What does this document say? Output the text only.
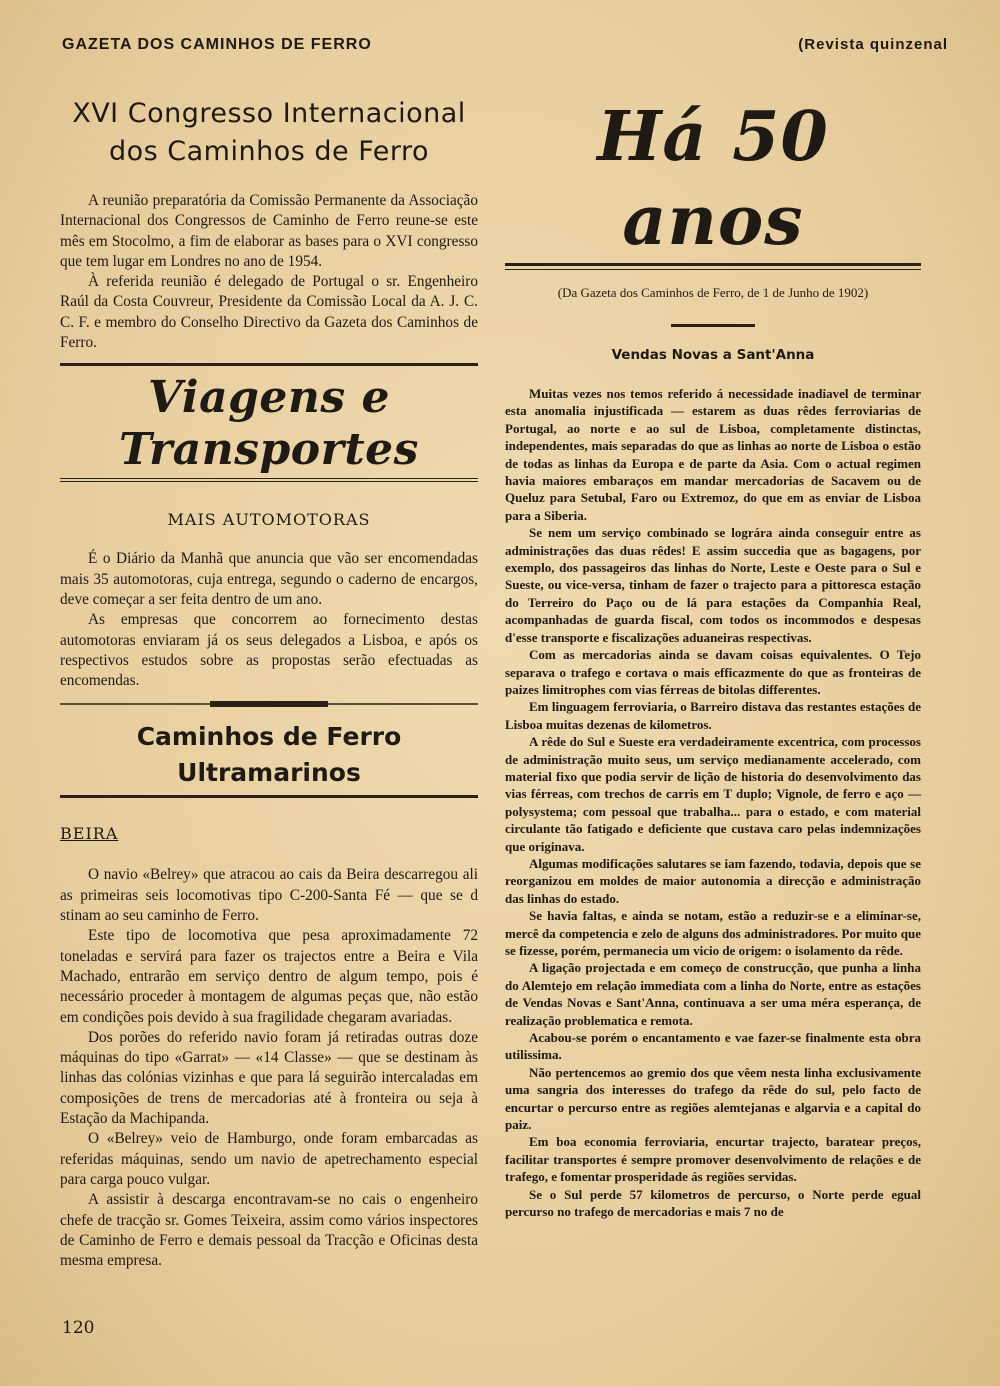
GAZETA DOS CAMINHOS DE FERRO	(Revista quinzenal
XVI Congresso Internacional
dos Caminhos de Ferro

A reunião preparatória da Comissão Permanente da Associação Internacional dos Congressos de Caminho de Ferro reune-se este mês em Stocolmo, a fim de elaborar as bases para o XVI congresso que tem lugar em Londres no ano de 1954.

À referida reunião é delegado de Portugal o sr. Engenheiro Raúl da Costa Couvreur, Presidente da Comissão Local da A. J. C. C. F. e membro do Conselho Directivo da Gazeta dos Caminhos de Ferro.

Viagens e Transportes

MAIS AUTOMOTORAS

É o Diário da Manhã que anuncia que vão ser encomendadas mais 35 automotoras, cuja entrega, segundo o caderno de encargos, deve começar a ser feita dentro de um ano.

As empresas que concorrem ao fornecimento destas automotoras enviaram já os seus delegados a Lisboa, e após os respectivos estudos sobre as propostas serão efectuadas as encomendas.

Caminhos de Ferro Ultramarinos

BEIRA

O navio «Belrey» que atracou ao cais da Beira descarregou ali as primeiras seis locomotivas tipo C-200-Santa Fé — que se d stinam ao seu caminho de Ferro.

Este tipo de locomotiva que pesa aproximadamente 72 toneladas e servirá para fazer os trajectos entre a Beira e Vila Machado, entrarão em serviço dentro de algum tempo, pois é necessário proceder à montagem de algumas peças que, não estão em condições pois devido à sua fragilidade chegaram avariadas.

Dos porões do referido navio foram já retiradas outras doze máquinas do tipo «Garrat» — «14 Classe» — que se destinam às linhas das colónias vizinhas e que para lá seguirão intercaladas em composições de trens de mercadorias até à fronteira ou seja à Estação da Machipanda.

O «Belrey» veio de Hamburgo, onde foram embarcadas as referidas máquinas, sendo um navio de apetrechamento especial para carga pouco vulgar.

A assistir à descarga encontravam-se no cais o engenheiro chefe de tracção sr. Gomes Teixeira, assim como vários inspectores de Caminho de Ferro e demais pessoal da Tracção e Oficinas desta mesma empresa.

Há 50 anos

(Da Gazeta dos Caminhos de Ferro, de 1 de Junho de 1902)

Vendas Novas a Sant'Anna

Muitas vezes nos temos referido á necessidade inadiavel de terminar esta anomalia injustificada — estarem as duas rêdes ferroviarias de Portugal, ao norte e ao sul de Lisboa, completamente distinctas, independentes, mais separadas do que as linhas ao norte de Lisboa o estão de todas as linhas da Europa e de parte da Asia. Com o actual regimen havia maiores embaraços em mandar mercadorias de Sacavem ou de Queluz para Setubal, Faro ou Extremoz, do que em as enviar de Lisboa para a Siberia.

Se nem um serviço combinado se lográra ainda conseguir entre as administrações das duas rêdes! E assim succedia que as bagagens, por exemplo, dos passageiros das linhas do Norte, Leste e Oeste para o Sul e Sueste, ou vice-versa, tinham de fazer o trajecto para a pittoresca estação do Terreiro do Paço ou de lá para estações da Companhia Real, acompanhadas de guarda fiscal, com todos os incommodos e despesas d'esse transporte e fiscalizações aduaneiras respectivas.

Com as mercadorias ainda se davam coisas equivalentes. O Tejo separava o trafego e cortava o mais efficazmente do que as fronteiras de paizes limitrophes com vias férreas de bitolas differentes.

Em linguagem ferroviaria, o Barreiro distava das restantes estações de Lisboa muitas dezenas de kilometros.

A rêde do Sul e Sueste era verdadeiramente excentrica, com processos de administração muito seus, um serviço medianamente accelerado, com material fixo que podia servir de lição de historia do desenvolvimento das vias férreas, com trechos de carris em T duplo; Vignole, de ferro e aço — polysystema; com pessoal que trabalha... para o estado, e com material circulante tão fatigado e deficiente que custava caro pelas indemnizações que originava.

Algumas modificações salutares se iam fazendo, todavia, depois que se reorganizou em moldes de maior autonomia a direcção e administração das linhas do estado.

Se havia faltas, e ainda se notam, estão a reduzir-se e a eliminar-se, mercê da competencia e zelo de alguns dos administradores. Por muito que se fizesse, porém, permanecia um vicio de origem: o isolamento da rêde.

A ligação projectada e em começo de construcção, que punha a linha do Alemtejo em relação immediata com a linha do Norte, entre as estações de Vendas Novas e Sant'Anna, continuava a ser uma méra esperança, de realização problematica e remota.

Acabou-se porém o encantamento e vae fazer-se finalmente esta obra utilissima.

Não pertencemos ao gremio dos que vêem nesta linha exclusivamente uma sangria dos interesses do trafego da rêde do sul, pelo facto de encurtar o percurso entre as regiões alemtejanas e algarvia e a capital do paiz.

Em boa economia ferroviaria, encurtar trajecto, baratear preços, facilitar transportes é sempre promover desenvolvimento de relações e de trafego, e fomentar prosperidade ás regiões servidas.

Se o Sul perde 57 kilometros de percurso, o Norte perde egual percurso no trafego de mercadorias e mais 7 no de

120
